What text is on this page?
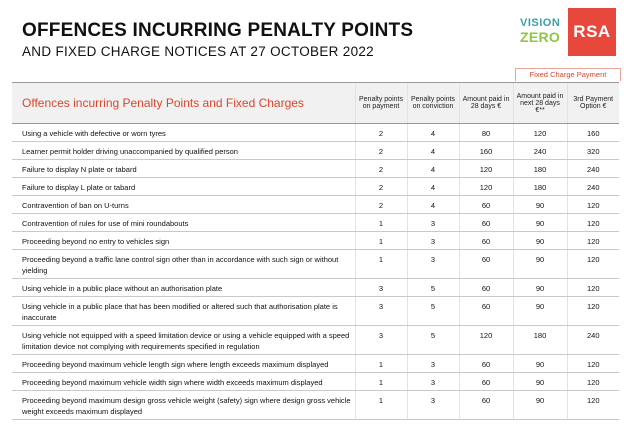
OFFENCES INCURRING PENALTY POINTS
AND FIXED CHARGE NOTICES AT 27 OCTOBER 2022
VISION
ZERO RSA
Fixed Charge Payment
Offences incurring Penalty Points and Fixed Charges	Penalty points on payment	Penalty points on conviction	Amount paid in 28 days €	Amount paid in next 28 days €**	3rd Payment Option €
Using a vehicle with defective or worn tyres	2	4	80	120	160
Learner permit holder driving unaccompanied by qualified person	2	4	160	240	320
Failure to display N plate or tabard	2	4	120	180	240
Failure to display L plate or tabard	2	4	120	180	240
Contravention of ban on U-turns	2	4	60	90	120
Contravention of rules for use of mini roundabouts	1	3	60	90	120
Proceeding beyond no entry to vehicles sign	1	3	60	90	120
Proceeding beyond a traffic lane control sign other than in accordance with such sign or without yielding	1	3	60	90	120
Using vehicle in a public place without an authorisation plate	3	5	60	90	120
Using vehicle in a public place that has been modified or altered such that authorisation plate is inaccurate	3	5	60	90	120
Using vehicle not equipped with a speed limitation device or using a vehicle equipped with a speed limitation device not complying with requirements specified in regulation	3	5	120	180	240
Proceeding beyond maximum vehicle length sign where length exceeds maximum displayed	1	3	60	90	120
Proceeding beyond maximum vehicle width sign where width exceeds maximum displayed	1	3	60	90	120
Proceeding beyond maximum design gross vehicle weight (safety) sign where design gross vehicle weight exceeds maximum displayed	1	3	60	90	120
